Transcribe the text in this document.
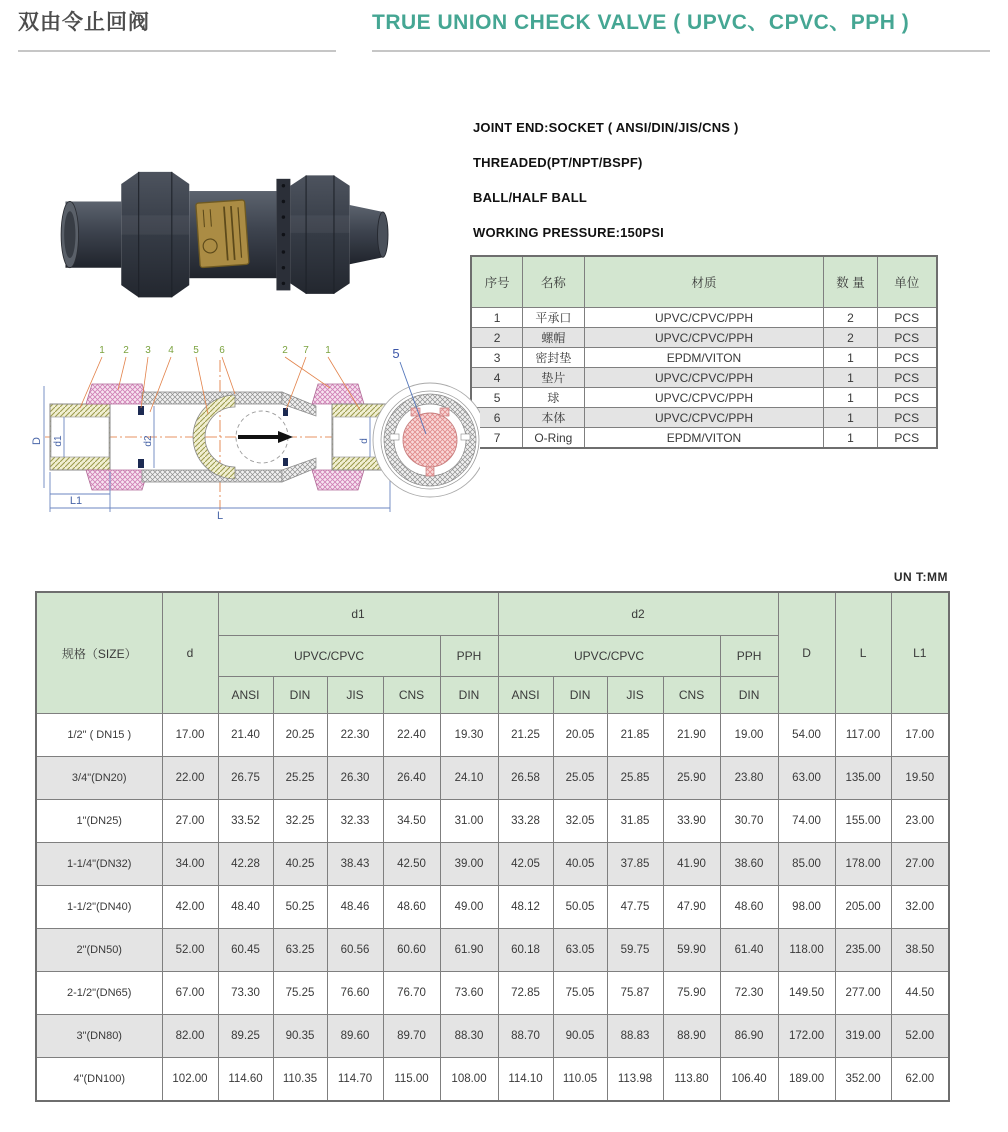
双由令止回阀	TRUE UNION CHECK VALVE ( UPVC、CPVC、PPH )
JOINT END:SOCKET ( ANSI/DIN/JIS/CNS )
THREADED(PT/NPT/BSPF)
BALL/HALF BALL
WORKING PRESSURE:150PSI
序号	名称	材质	数 量	单位
1	平承口	UPVC/CPVC/PPH	2	PCS
2	螺帽	UPVC/CPVC/PPH	2	PCS
3	密封垫	EPDM/VITON	1	PCS
4	垫片	UPVC/CPVC/PPH	1	PCS
5	球	UPVC/CPVC/PPH	1	PCS
6	本体	UPVC/CPVC/PPH	1	PCS
7	O-Ring	EPDM/VITON	1	PCS
D d1	d2	d
L1
L
1 2 3 4 5 6	2 7 1	5
UN T:MM
规格（SIZE）	d	d1					d2					D	L	L1
		UPVC/CPVC				PPH	UPVC/CPVC				PPH			
		ANSI	DIN	JIS	CNS	DIN	ANSI	DIN	JIS	CNS	DIN			
1/2" ( DN15 )	17.00	21.40	20.25	22.30	22.40	19.30	21.25	20.05	21.85	21.90	19.00	54.00	117.00	17.00
3/4"(DN20)	22.00	26.75	25.25	26.30	26.40	24.10	26.58	25.05	25.85	25.90	23.80	63.00	135.00	19.50
1"(DN25)	27.00	33.52	32.25	32.33	34.50	31.00	33.28	32.05	31.85	33.90	30.70	74.00	155.00	23.00
1-1/4"(DN32)	34.00	42.28	40.25	38.43	42.50	39.00	42.05	40.05	37.85	41.90	38.60	85.00	178.00	27.00
1-1/2"(DN40)	42.00	48.40	50.25	48.46	48.60	49.00	48.12	50.05	47.75	47.90	48.60	98.00	205.00	32.00
2"(DN50)	52.00	60.45	63.25	60.56	60.60	61.90	60.18	63.05	59.75	59.90	61.40	118.00	235.00	38.50
2-1/2"(DN65)	67.00	73.30	75.25	76.60	76.70	73.60	72.85	75.05	75.87	75.90	72.30	149.50	277.00	44.50
3"(DN80)	82.00	89.25	90.35	89.60	89.70	88.30	88.70	90.05	88.83	88.90	86.90	172.00	319.00	52.00
4"(DN100)	102.00	114.60	110.35	114.70	115.00	108.00	114.10	110.05	113.98	113.80	106.40	189.00	352.00	62.00
